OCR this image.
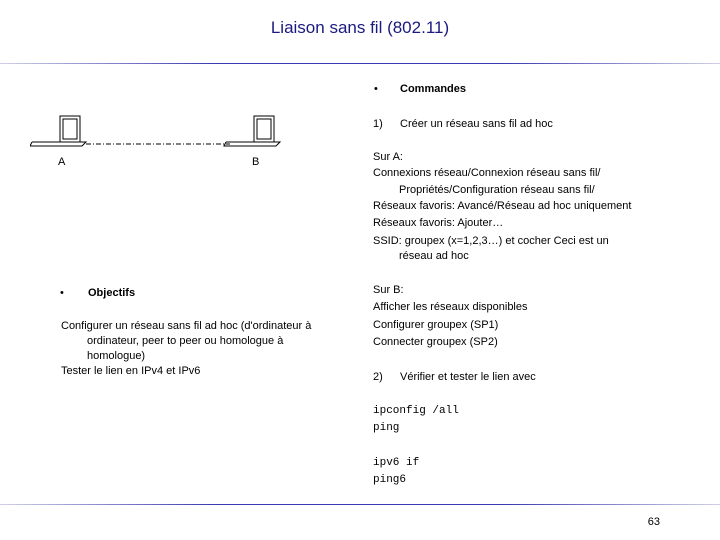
Liaison sans fil (802.11)
A	B
• Objectifs
Configurer un réseau sans fil ad hoc (d'ordinateur à
ordinateur, peer to peer ou homologue à
homologue)
Tester le lien en IPv4 et IPv6
• Commandes
1) Créer un réseau sans fil ad hoc
Sur A:
Connexions réseau/Connexion réseau sans fil/
Propriétés/Configuration réseau sans fil/
Réseaux favoris: Avancé/Réseau ad hoc uniquement
Réseaux favoris: Ajouter…
SSID: groupex (x=1,2,3…) et cocher Ceci est un
réseau ad hoc
Sur B:
Afficher les réseaux disponibles
Configurer groupex (SP1)
Connecter groupex (SP2)
2) Vérifier et tester le lien avec
ipconfig /all
ping
ipv6 if
ping6
63
